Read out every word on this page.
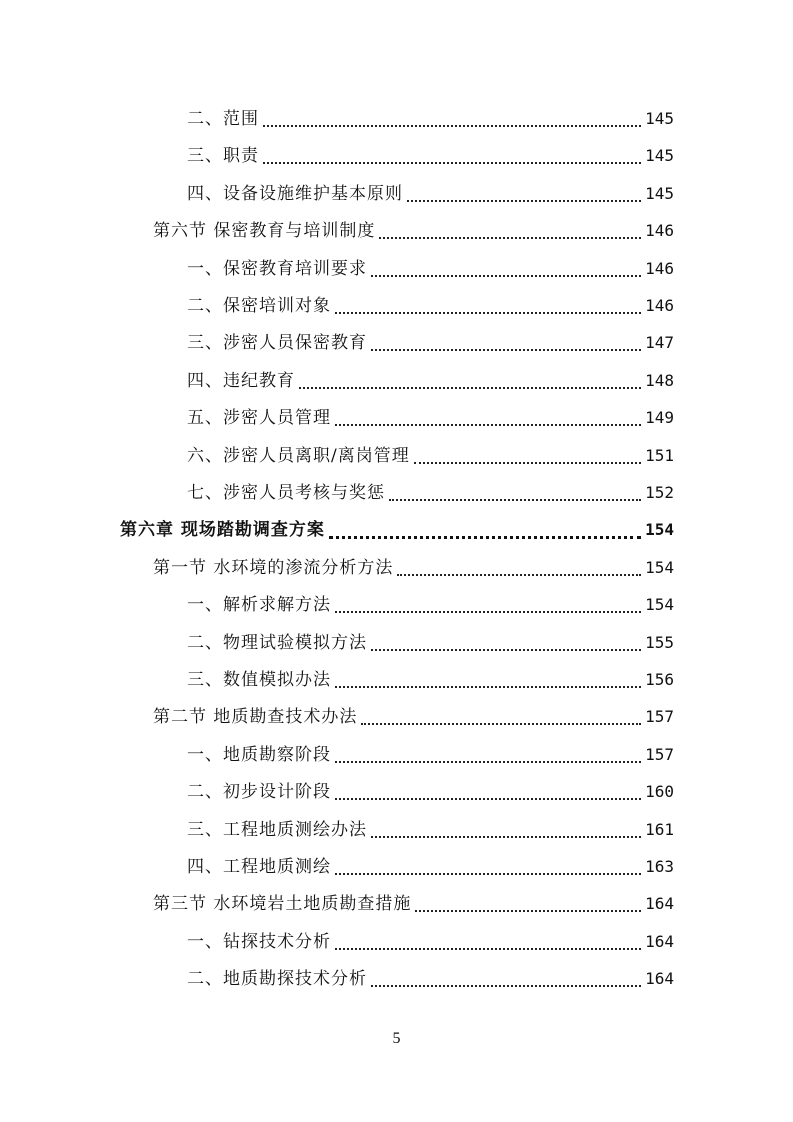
二、范围	145
三、职责	145
四、设备设施维护基本原则	145
第六节 保密教育与培训制度	146
一、保密教育培训要求	146
二、保密培训对象	146
三、涉密人员保密教育	147
四、违纪教育	148
五、涉密人员管理	149
六、涉密人员离职/离岗管理	151
七、涉密人员考核与奖惩	152
第六章 现场踏勘调查方案	154
第一节 水环境的渗流分析方法	154
一、解析求解方法	154
二、物理试验模拟方法	155
三、数值模拟办法	156
第二节 地质勘查技术办法	157
一、地质勘察阶段	157
二、初步设计阶段	160
三、工程地质测绘办法	161
四、工程地质测绘	163
第三节 水环境岩土地质勘查措施	164
一、钻探技术分析	164
二、地质勘探技术分析	164
5
